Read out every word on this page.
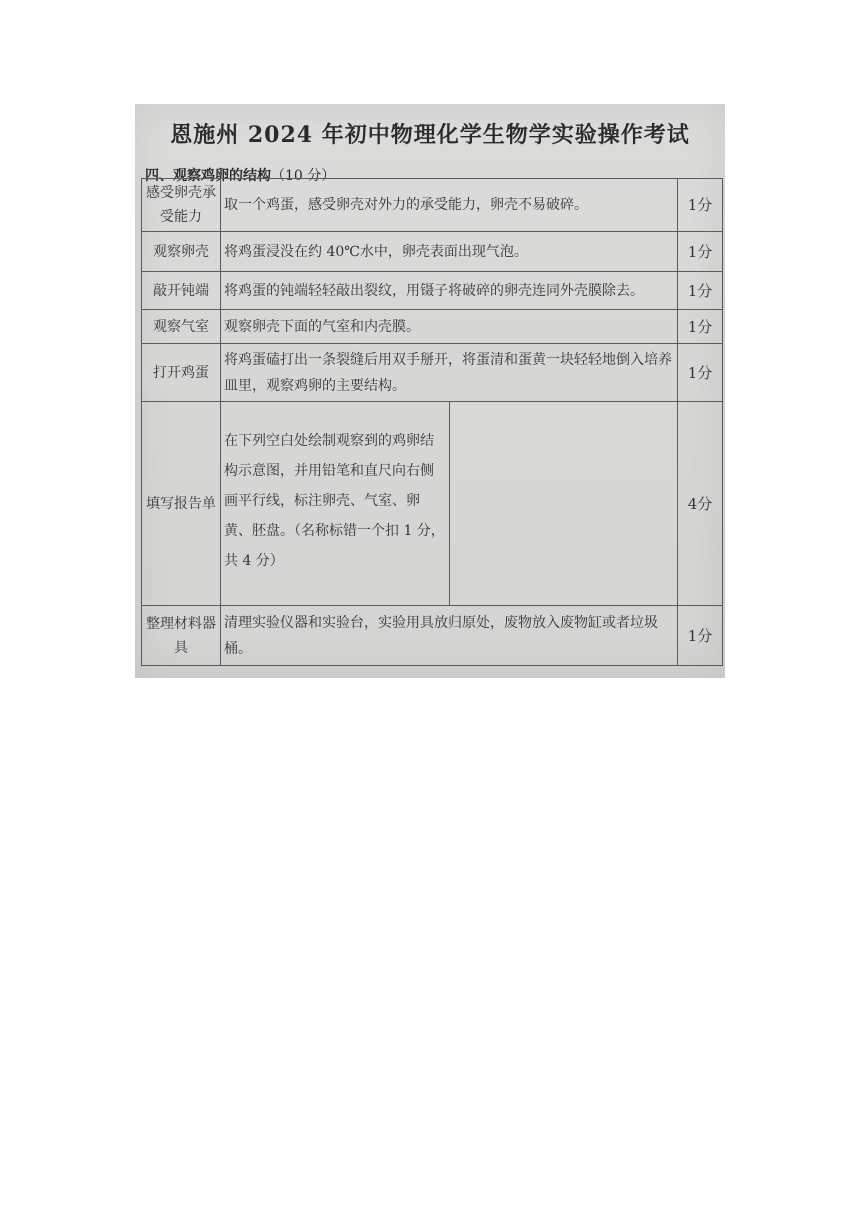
恩施州 2024 年初中物理化学生物学实验操作考试
四、观察鸡卵的结构（10 分）
感受卵壳承受能力	取一个鸡蛋，感受卵壳对外力的承受能力，卵壳不易破碎。		1分
观察卵壳	将鸡蛋浸没在约 40℃水中，卵壳表面出现气泡。		1分
敲开钝端	将鸡蛋的钝端轻轻敲出裂纹，用镊子将破碎的卵壳连同外壳膜除去。		1分
观察气室	观察卵壳下面的气室和内壳膜。		1分
打开鸡蛋	将鸡蛋磕打出一条裂缝后用双手掰开，将蛋清和蛋黄一块轻轻地倒入培养皿里，观察鸡卵的主要结构。		1分
填写报告单	在下列空白处绘制观察到的鸡卵结构示意图，并用铅笔和直尺向右侧画平行线，标注卵壳、气室、卵黄、胚盘。（名称标错一个扣 1 分，共 4 分）		4分
整理材料器具	清理实验仪器和实验台，实验用具放归原处，废物放入废物缸或者垃圾桶。		1分
